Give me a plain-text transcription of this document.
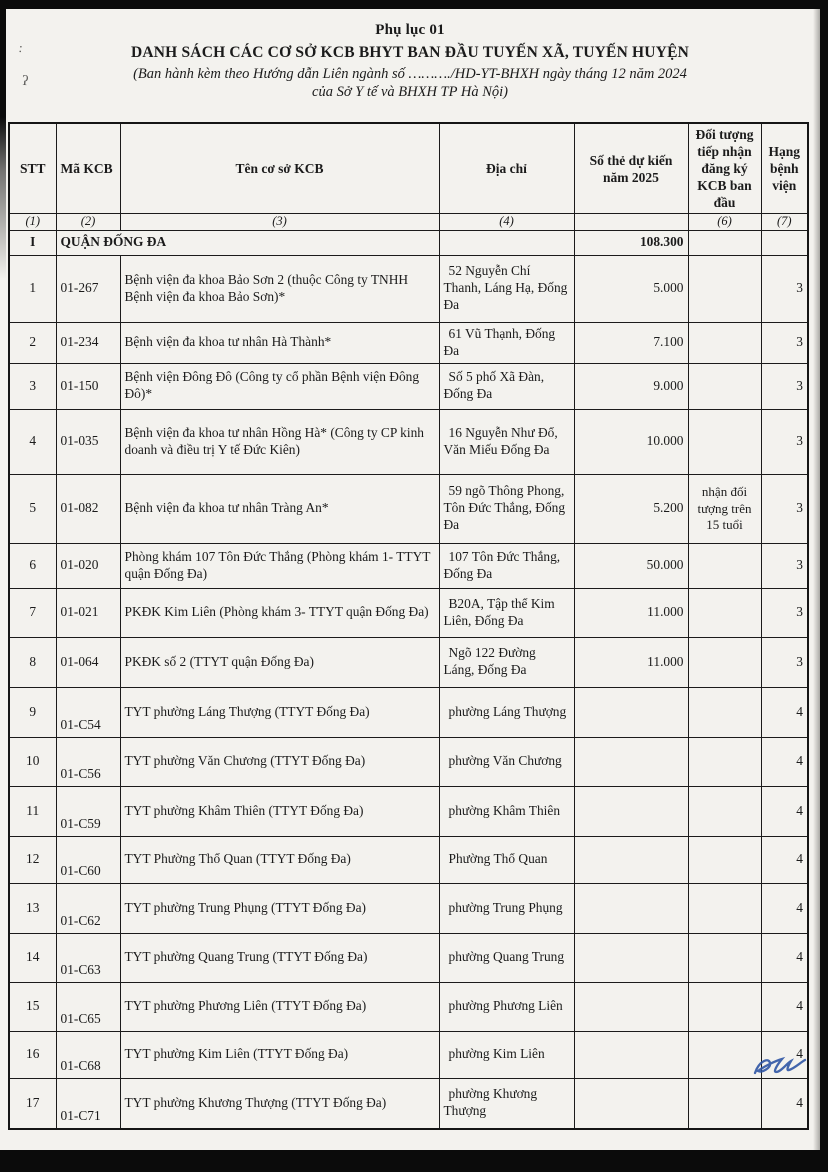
:
ʔ
Phụ lục 01
DANH SÁCH CÁC CƠ SỞ KCB BHYT BAN ĐẦU TUYẾN XÃ, TUYẾN HUYỆN
(Ban hành kèm theo Hướng dẫn Liên ngành số ………./HD-YT-BHXH ngày tháng 12 năm 2024
của Sở Y tế và BHXH TP Hà Nội)
STT	Mã KCB	Tên cơ sở KCB	Địa chỉ	Số thẻ dự kiến năm 2025	Đối tượng tiếp nhận đăng ký KCB ban đầu	Hạng bệnh viện
(1)	(2)	(3)	(4)		(6)	(7)
I	QUẬN ĐỐNG ĐA			108.300		
1	01-267	Bệnh viện đa khoa Bảo Sơn 2 (thuộc Công ty TNHH Bệnh viện đa khoa Bảo Sơn)*	52 Nguyễn Chí Thanh, Láng Hạ, Đống Đa	5.000		3
2	01-234	Bệnh viện đa khoa tư nhân Hà Thành*	61 Vũ Thạnh, Đống Đa	7.100		3
3	01-150	Bệnh viện Đông Đô (Công ty cổ phần Bệnh viện Đông Đô)*	Số 5 phố Xã Đàn, Đống Đa	9.000		3
4	01-035	Bệnh viện đa khoa tư nhân Hồng Hà* (Công ty CP kinh doanh và điều trị Y tế Đức Kiên)	16 Nguyễn Như Đổ, Văn Miếu Đống Đa	10.000		3
5	01-082	Bệnh viện đa khoa tư nhân Tràng An*	59 ngõ Thông Phong, Tôn Đức Thắng, Đống Đa	5.200	nhận đối tượng trên 15 tuổi	3
6	01-020	Phòng khám 107 Tôn Đức Thắng (Phòng khám 1- TTYT quận Đống Đa)	107 Tôn Đức Thắng, Đống Đa	50.000		3
7	01-021	PKĐK Kim Liên (Phòng khám 3- TTYT quận Đống Đa)	B20A, Tập thể Kim Liên, Đống Đa	11.000		3
8	01-064	PKĐK số 2 (TTYT quận Đống Đa)	Ngõ 122 Đường Láng, Đống Đa	11.000		3
9	01-C54	TYT phường Láng Thượng (TTYT Đống Đa)	phường Láng Thượng			4
10	01-C56	TYT phường Văn Chương (TTYT Đống Đa)	phường Văn Chương			4
11	01-C59	TYT phường Khâm Thiên (TTYT Đống Đa)	phường Khâm Thiên			4
12	01-C60	TYT Phường Thổ Quan (TTYT Đống Đa)	Phường Thổ Quan			4
13	01-C62	TYT phường Trung Phụng (TTYT Đống Đa)	phường Trung Phụng			4
14	01-C63	TYT phường Quang Trung (TTYT Đống Đa)	phường Quang Trung			4
15	01-C65	TYT phường Phương Liên (TTYT Đống Đa)	phường Phương Liên			4
16	01-C68	TYT phường Kim Liên (TTYT Đống Đa)	phường Kim Liên			4
17	01-C71	TYT phường Khương Thượng (TTYT Đống Đa)	phường Khương Thượng			4
